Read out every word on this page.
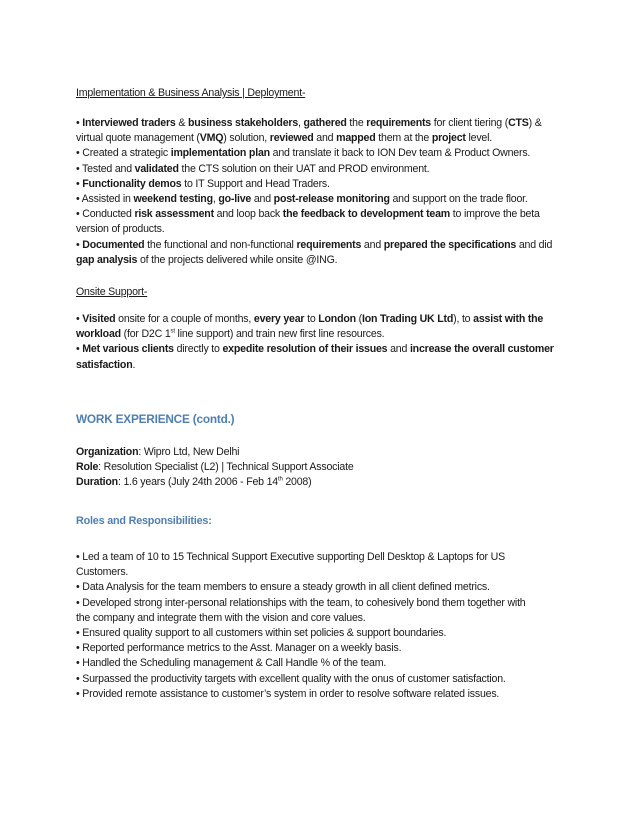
Implementation & Business Analysis | Deployment-
• Interviewed traders & business stakeholders, gathered the requirements for client tiering (CTS) &
virtual quote management (VMQ) solution, reviewed and mapped them at the project level.
• Created a strategic implementation plan and translate it back to ION Dev team & Product Owners.
• Tested and validated the CTS solution on their UAT and PROD environment.
• Functionality demos to IT Support and Head Traders.
• Assisted in weekend testing, go-live and post-release monitoring and support on the trade floor.
• Conducted risk assessment and loop back the feedback to development team to improve the beta
version of products.
• Documented the functional and non-functional requirements and prepared the specifications and did
gap analysis of the projects delivered while onsite @ING.
Onsite Support-
• Visited onsite for a couple of months, every year to London (Ion Trading UK Ltd), to assist with the
workload (for D2C 1st line support) and train new first line resources.
• Met various clients directly to expedite resolution of their issues and increase the overall customer
satisfaction.
WORK EXPERIENCE (contd.)
Organization: Wipro Ltd, New Delhi
Role: Resolution Specialist (L2) | Technical Support Associate
Duration: 1.6 years (July 24th 2006 - Feb 14th 2008)
Roles and Responsibilities:
• Led a team of 10 to 15 Technical Support Executive supporting Dell Desktop & Laptops for US
Customers.
• Data Analysis for the team members to ensure a steady growth in all client defined metrics.
• Developed strong inter-personal relationships with the team, to cohesively bond them together with
the company and integrate them with the vision and core values.
• Ensured quality support to all customers within set policies & support boundaries.
• Reported performance metrics to the Asst. Manager on a weekly basis.
• Handled the Scheduling management & Call Handle % of the team.
• Surpassed the productivity targets with excellent quality with the onus of customer satisfaction.
• Provided remote assistance to customer’s system in order to resolve software related issues.
